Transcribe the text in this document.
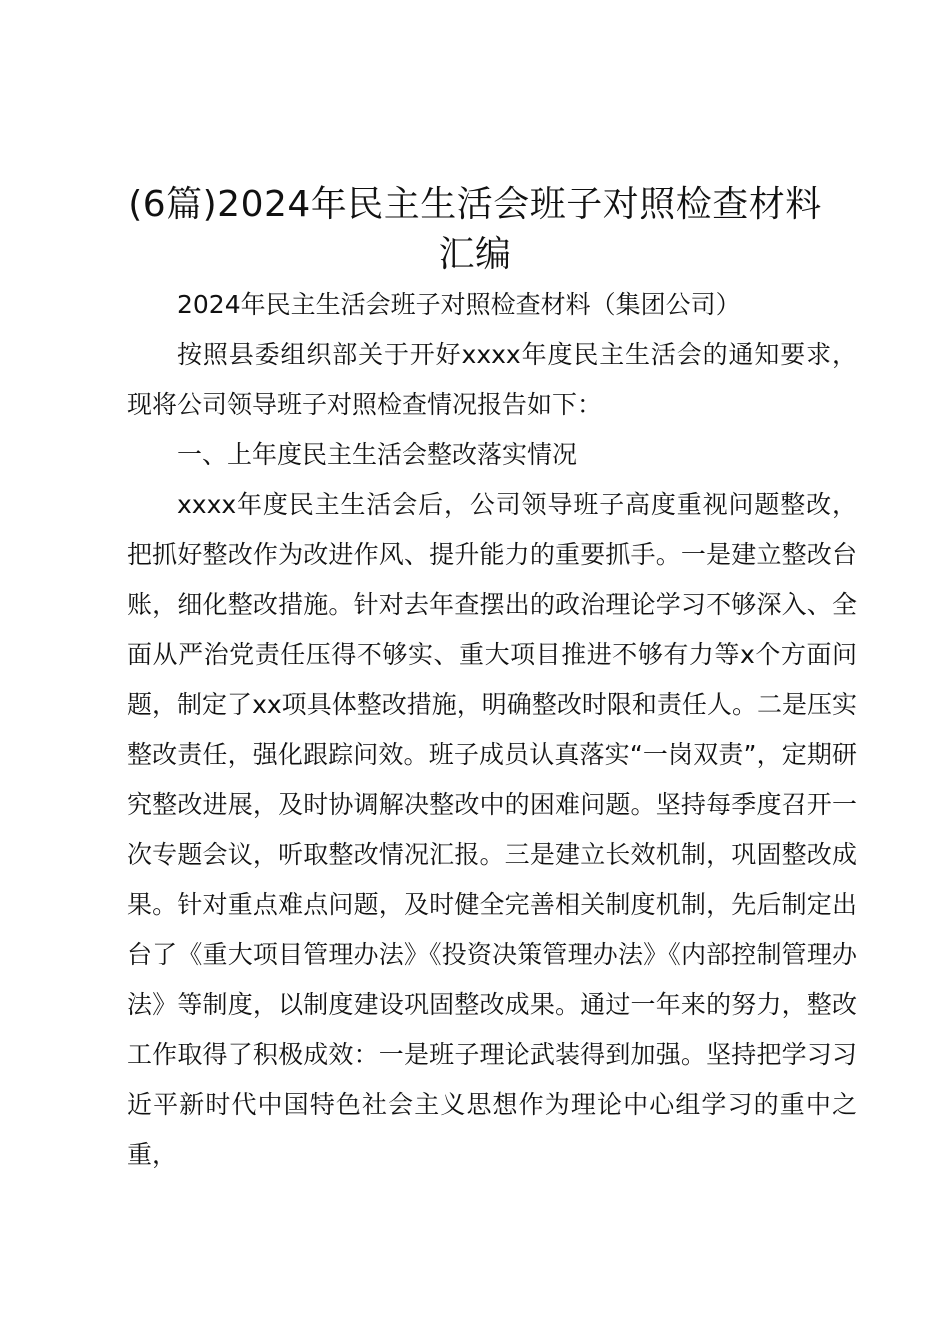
(6篇)2024年民主生活会班子对照检查材料
汇编

2024年民主生活会班子对照检查材料（集团公司）

按照县委组织部关于开好xxxx年度民主生活会的通知要求，现将公司领导班子对照检查情况报告如下：

一、上年度民主生活会整改落实情况

xxxx年度民主生活会后，公司领导班子高度重视问题整改，把抓好整改作为改进作风、提升能力的重要抓手。一是建立整改台账，细化整改措施。针对去年查摆出的政治理论学习不够深入、全面从严治党责任压得不够实、重大项目推进不够有力等x个方面问题，制定了xx项具体整改措施，明确整改时限和责任人。二是压实整改责任，强化跟踪问效。班子成员认真落实“一岗双责”，定期研究整改进展，及时协调解决整改中的困难问题。坚持每季度召开一次专题会议，听取整改情况汇报。三是建立长效机制，巩固整改成果。针对重点难点问题，及时健全完善相关制度机制，先后制定出台了《重大项目管理办法》《投资决策管理办法》《内部控制管理办法》等制度，以制度建设巩固整改成果。通过一年来的努力，整改工作取得了积极成效：一是班子理论武装得到加强。坚持把学习习近平新时代中国特色社会主义思想作为理论中心组学习的重中之重，
